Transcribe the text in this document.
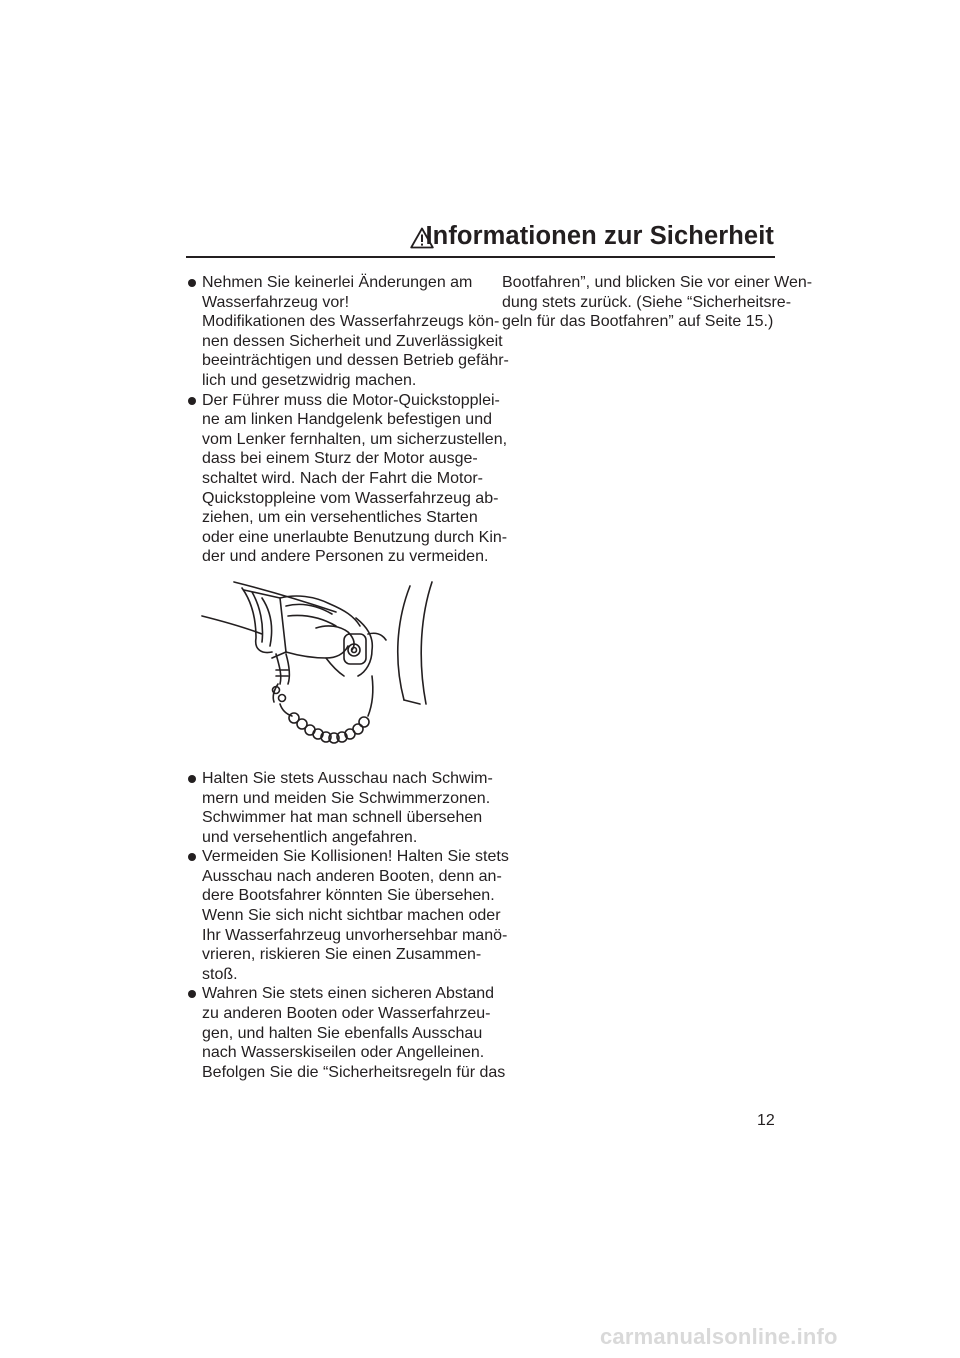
Informationen zur Sicherheit
Nehmen Sie keinerlei Änderungen am
Wasserfahrzeug vor!
Modifikationen des Wasserfahrzeugs kön-
nen dessen Sicherheit und Zuverlässigkeit
beeinträchtigen und dessen Betrieb gefähr-
lich und gesetzwidrig machen.
Der Führer muss die Motor-Quickstopplei-
ne am linken Handgelenk befestigen und
vom Lenker fernhalten, um sicherzustellen,
dass bei einem Sturz der Motor ausge-
schaltet wird. Nach der Fahrt die Motor-
Quickstoppleine vom Wasserfahrzeug ab-
ziehen, um ein versehentliches Starten
oder eine unerlaubte Benutzung durch Kin-
der und andere Personen zu vermeiden.
Halten Sie stets Ausschau nach Schwim-
mern und meiden Sie Schwimmerzonen.
Schwimmer hat man schnell übersehen
und versehentlich angefahren.
Vermeiden Sie Kollisionen! Halten Sie stets
Ausschau nach anderen Booten, denn an-
dere Bootsfahrer könnten Sie übersehen.
Wenn Sie sich nicht sichtbar machen oder
Ihr Wasserfahrzeug unvorhersehbar manö-
vrieren, riskieren Sie einen Zusammen-
stoß.
Wahren Sie stets einen sicheren Abstand
zu anderen Booten oder Wasserfahrzeu-
gen, und halten Sie ebenfalls Ausschau
nach Wasserskiseilen oder Angelleinen.
Befolgen Sie die “Sicherheitsregeln für das
Bootfahren”, und blicken Sie vor einer Wen-
dung stets zurück. (Siehe “Sicherheitsre-
geln für das Bootfahren” auf Seite 15.)
12
carmanualsonline.info
